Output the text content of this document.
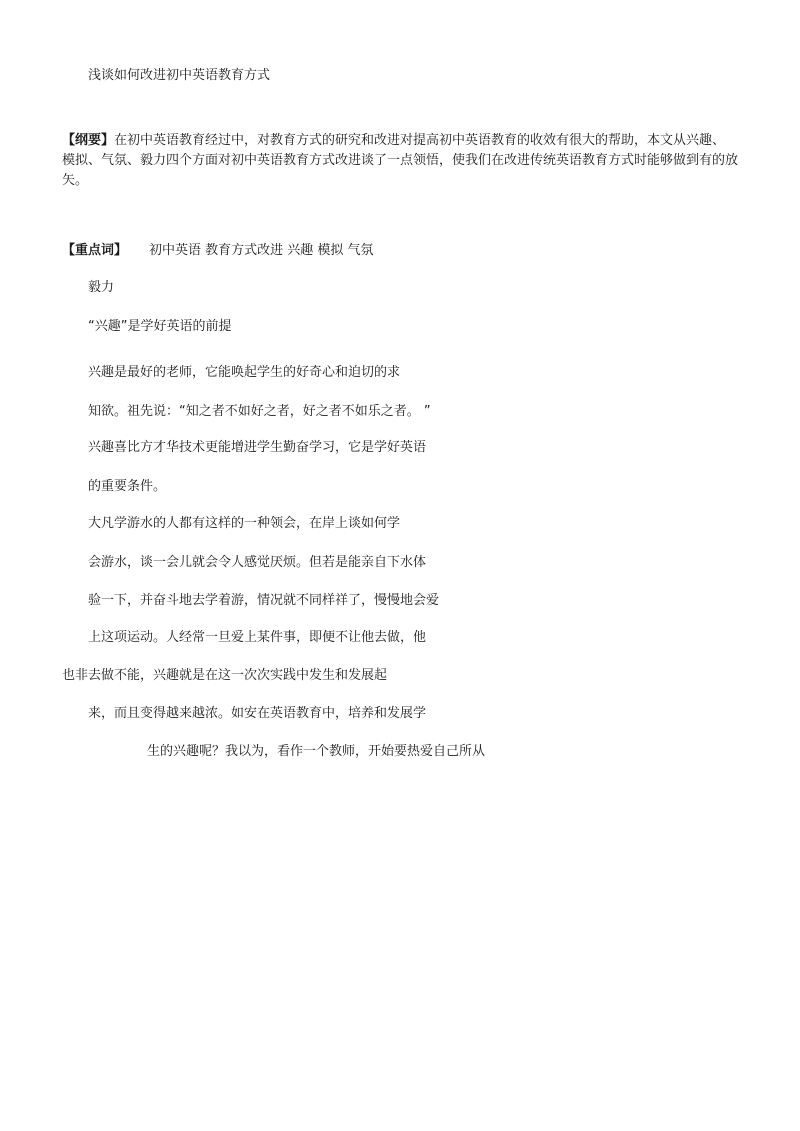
浅谈如何改进初中英语教育方式
【纲要】在初中英语教育经过中，对教育方式的研究和改进对提高初中英语教育的收效有很大的帮助，本文从兴趣、模拟、气氛、毅力四个方面对初中英语教育方式改进谈了一点领悟，使我们在改进传统英语教育方式时能够做到有的放矢。
【重点词】 初中英语 教育方式改进 兴趣 模拟 气氛
毅力
“兴趣”是学好英语的前提
兴趣是最好的老师，它能唤起学生的好奇心和迫切的求
知欲。祖先说：“知之者不如好之者，好之者不如乐之者。 ”
兴趣喜比方才华技术更能增进学生勤奋学习，它是学好英语
的重要条件。
大凡学游水的人都有这样的一种领会，在岸上谈如何学
会游水，谈一会儿就会令人感觉厌烦。但若是能亲自下水体
验一下，并奋斗地去学着游，情况就不同样祥了，慢慢地会爱
上这项运动。人经常一旦爱上某件事，即便不让他去做，他
也非去做不能，兴趣就是在这一次次实践中发生和发展起
来，而且变得越来越浓。如安在英语教育中，培养和发展学
生的兴趣呢？我以为，看作一个教师，开始要热爱自己所从
